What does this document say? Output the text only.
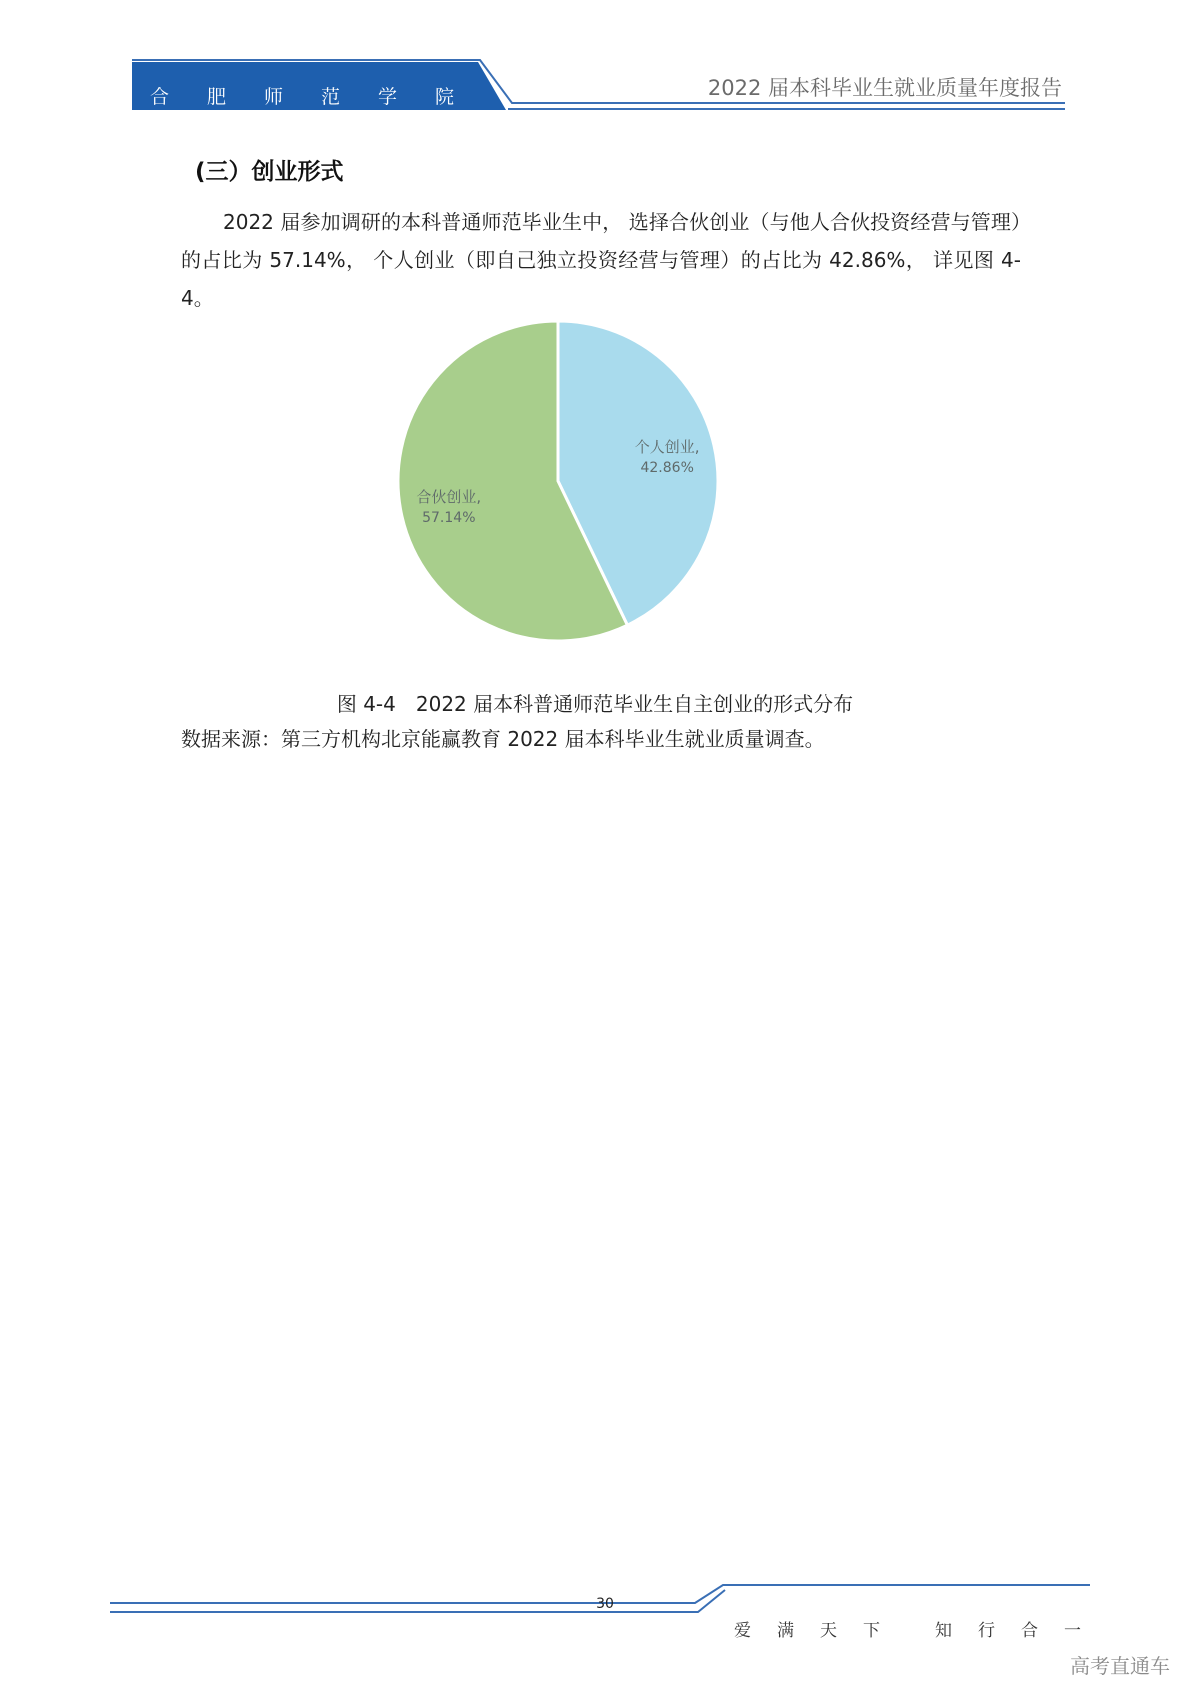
合肥师范学院	2022 届本科毕业生就业质量年度报告
(三）创业形式

2022 届参加调研的本科普通师范毕业生中， 选择合伙创业（与他人合伙投资经营与管理）的占比为 57.14%， 个人创业（即自己独立投资经营与管理）的占比为 42.86%， 详见图 4-4。

个人创业,
42.86%
合伙创业,
57.14%
图 4-4 2022 届本科普通师范毕业生自主创业的形式分布
数据来源：第三方机构北京能赢教育 2022 届本科毕业生就业质量调查。
30
爱满天下 知行合一
高考直通车
